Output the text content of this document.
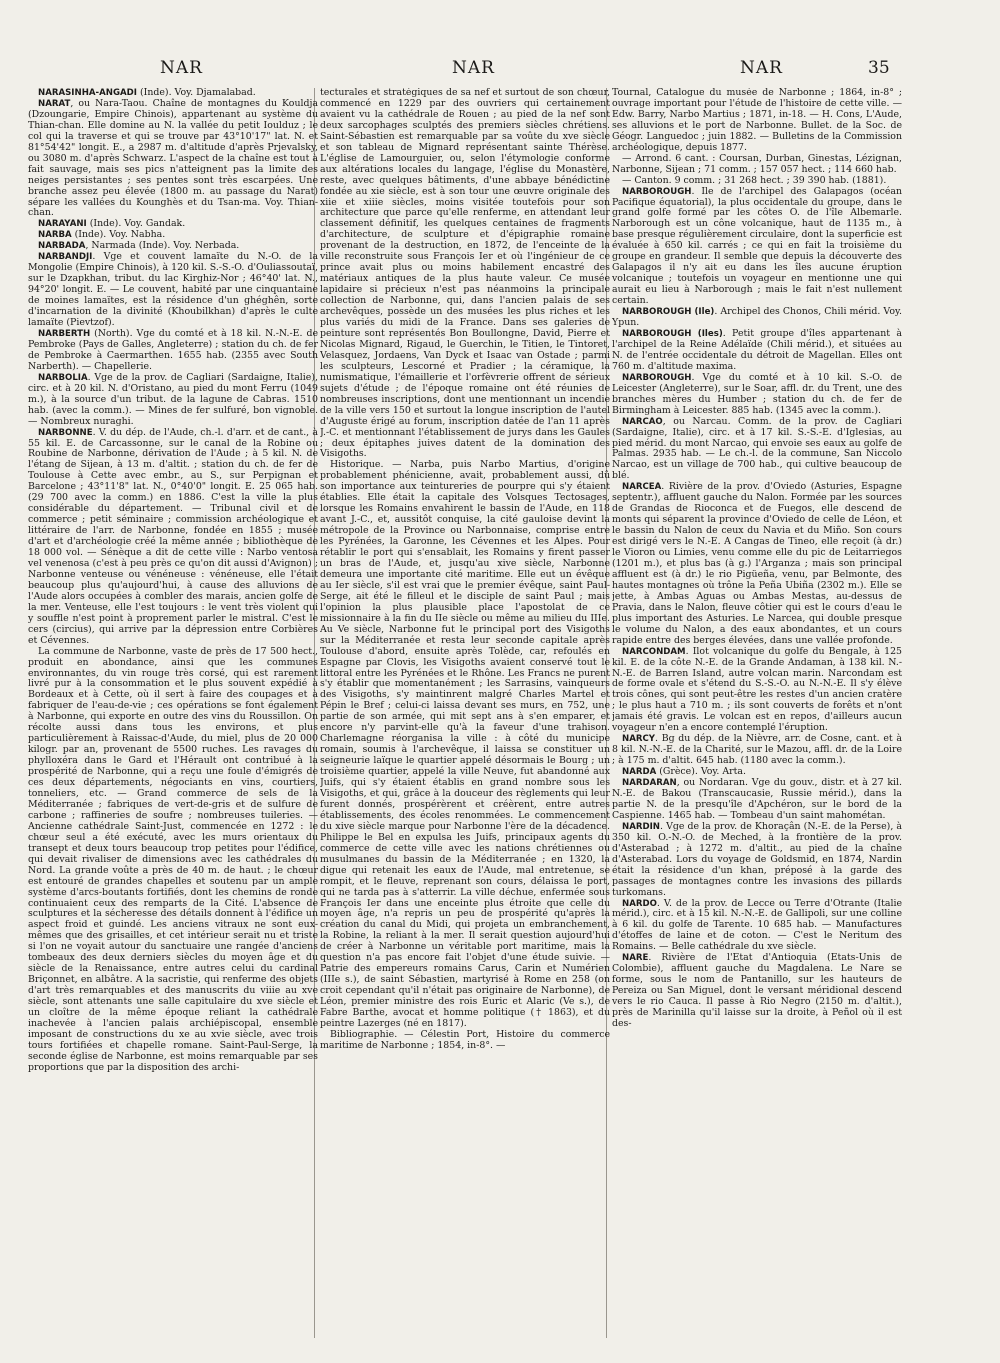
NAR	NAR	NAR	35

NARASINHA-ANGADI (Inde). Voy. Djamalabad.

NARAT, ou Nara-Taou. Chaîne de montagnes du Kouldja (Dzoungarie, Empire Chinois), appartenant au système du Thian-chan. Elle domine au N. la vallée du petit Ioulduz ; le col qui la traverse et qui se trouve par 43°10'17" lat. N. et 81°54'42" longit. E., a 2987 m. d'altitude d'après Prjevalsky, ou 3080 m. d'après Schwarz. L'aspect de la chaîne est tout à fait sauvage, mais ses pics n'atteignent pas la limite des neiges persistantes ; ses pentes sont très escarpées. Une branche assez peu élevée (1800 m. au passage du Narat) sépare les vallées du Kounghès et du Tsan-ma. Voy. Thian-chan.

NARAYANI (Inde). Voy. Gandak.

NARBA (Inde). Voy. Nabha.

NARBADA, Narmada (Inde). Voy. Nerbada.

NARBANDJI. Vge et couvent lamaïte du N.-O. de la Mongolie (Empire Chinois), à 120 kil. S.-S.-O. d'Ouliassoutaï, sur le Dzapkhan, tribut. du lac Kirghiz-Nor ; 46°40' lat. N., 94°20' longit. E. — Le couvent, habité par une cinquantaine de moines lamaïtes, est la résidence d'un ghéghên, sorte d'incarnation de la divinité (Khoubilkhan) d'après le culte lamaïte (Pievtzof).

NARBERTH (North). Vge du comté et à 18 kil. N.-N.-E. de Pembroke (Pays de Galles, Angleterre) ; station du ch. de fer de Pembroke à Caermarthen. 1655 hab. (2355 avec South Narberth). — Chapellerie.

NARBOLIA. Vge de la prov. de Cagliari (Sardaigne, Italie), circ. et à 20 kil. N. d'Oristano, au pied du mont Ferru (1049 m.), à la source d'un tribut. de la lagune de Cabras. 1510 hab. (avec la comm.). — Mines de fer sulfuré, bon vignoble. — Nombreux nuraghi.

NARBONNE. V. du dép. de l'Aude, ch.-l. d'arr. et de cant., à 55 kil. E. de Carcassonne, sur le canal de la Robine ou Roubine de Narbonne, dérivation de l'Aude ; à 5 kil. N. de l'étang de Sijean, à 13 m. d'altit. ; station du ch. de fer de Toulouse à Cette avec embr., au S., sur Perpignan et Barcelone ; 43°11'8" lat. N., 0°40'0" longit. E. 25 065 hab. (29 700 avec la comm.) en 1886. C'est la ville la plus considérable du département. — Tribunal civil et de commerce ; petit séminaire ; commission archéologique et littéraire de l'arr. de Narbonne, fondée en 1855 ; musée d'art et d'archéologie créé la même année ; bibliothèque de 18 000 vol. — Sénèque a dit de cette ville : Narbo ventosa vel venenosa (c'est à peu près ce qu'on dit aussi d'Avignon) ; Narbonne venteuse ou vénéneuse : vénéneuse, elle l'était beaucoup plus qu'aujourd'hui, à cause des alluvions de l'Aude alors occupées à combler des marais, ancien golfe de la mer. Venteuse, elle l'est toujours : le vent très violent qui y souffle n'est point à proprement parler le mistral. C'est le cers (circius), qui arrive par la dépression entre Corbières et Cévennes.

La commune de Narbonne, vaste de près de 17 500 hect., produit en abondance, ainsi que les communes environnantes, du vin rouge très corsé, qui est rarement livré pur à la consommation et le plus souvent expédié à Bordeaux et à Cette, où il sert à faire des coupages et à fabriquer de l'eau-de-vie ; ces opérations se font également à Narbonne, qui exporte en outre des vins du Roussillon. On récolte aussi dans tous les environs, et plus particulièrement à Raissac-d'Aude, du miel, plus de 20 000 kilogr. par an, provenant de 5500 ruches. Les ravages du phylloxéra dans le Gard et l'Hérault ont contribué à la prospérité de Narbonne, qui a reçu une foule d'émigrés de ces deux départements, négociants en vins, courtiers, tonneliers, etc. — Grand commerce de sels de la Méditerranée ; fabriques de vert-de-gris et de sulfure de carbone ; raffineries de soufre ; nombreuses tuileries. — Ancienne cathédrale Saint-Just, commencée en 1272 : le chœur seul a été exécuté, avec les murs orientaux du transept et deux tours beaucoup trop petites pour l'édifice, qui devait rivaliser de dimensions avec les cathédrales du Nord. La grande voûte a près de 40 m. de haut. ; le chœur est entouré de grandes chapelles et soutenu par un ample système d'arcs-boutants fortifiés, dont les chemins de ronde continuaient ceux des remparts de la Cité. L'absence de sculptures et la sécheresse des détails donnent à l'édifice un aspect froid et guindé. Les anciens vitraux ne sont eux-mêmes que des grisailles, et cet intérieur serait nu et triste si l'on ne voyait autour du sanctuaire une rangée d'anciens tombeaux des deux derniers siècles du moyen âge et du siècle de la Renaissance, entre autres celui du cardinal Briçonnet, en albâtre. A la sacristie, qui renferme des objets d'art très remarquables et des manuscrits du viiie au xve siècle, sont attenants une salle capitulaire du xve siècle et un cloître de la même époque reliant la cathédrale inachevée à l'ancien palais archiépiscopal, ensemble imposant de constructions du xe au xvie siècle, avec trois tours fortifiées et chapelle romane. Saint-Paul-Serge, la seconde église de Narbonne, est moins remarquable par ses proportions que par la disposition des archi-

tecturales et stratégiques de sa nef et surtout de son chœur, commencé en 1229 par des ouvriers qui certainement avaient vu la cathédrale de Rouen ; au pied de la nef sont deux sarcophages sculptés des premiers siècles chrétiens. Saint-Sébastien est remarquable par sa voûte du xve siècle et son tableau de Mignard représentant sainte Thérèse. L'église de Lamourguier, ou, selon l'étymologie conforme aux altérations locales du langage, l'église du Monastère, reste, avec quelques bâtiments, d'une abbaye bénédictine fondée au xie siècle, est à son tour une œuvre originale des xiie et xiiie siècles, moins visitée toutefois pour son architecture que parce qu'elle renferme, en attendant leur classement définitif, les quelques centaines de fragments d'architecture, de sculpture et d'épigraphie romaine provenant de la destruction, en 1872, de l'enceinte de la ville reconstruite sous François Ier et où l'ingénieur de ce prince avait plus ou moins habilement encastré des matériaux antiques de la plus haute valeur. Ce musée lapidaire si précieux n'est pas néanmoins la principale collection de Narbonne, qui, dans l'ancien palais de ses archevêques, possède un des musées les plus riches et les plus variés du midi de la France. Dans ses galeries de peinture sont représentés Bon Boullongne, David, Pierre et Nicolas Mignard, Rigaud, le Guerchin, le Titien, le Tintoret, Velasquez, Jordaens, Van Dyck et Isaac van Ostade ; parmi les sculpteurs, Lescorné et Pradier ; la céramique, la numismatique, l'émaillerie et l'orfèvrerie offrent de sérieux sujets d'étude ; de l'époque romaine ont été réunies de nombreuses inscriptions, dont une mentionnant un incendie de la ville vers 150 et surtout la longue inscription de l'autel d'Auguste érigé au forum, inscription datée de l'an 11 après J.-C. et mentionnant l'établissement de jurys dans les Gaules ; deux épitaphes juives datent de la domination des Visigoths.

Historique. — Narba, puis Narbo Martius, d'origine probablement phénicienne, avait, probablement aussi, dû son importance aux teintureries de pourpre qui s'y étaient établies. Elle était la capitale des Volsques Tectosages, lorsque les Romains envahirent le bassin de l'Aude, en 118 avant J.-C., et, aussitôt conquise, la cité gauloise devint la métropole de la Province ou Narbonnaise, comprise entre les Pyrénées, la Garonne, les Cévennes et les Alpes. Pour rétablir le port qui s'ensablait, les Romains y firent passer un bras de l'Aude, et, jusqu'au xive siècle, Narbonne demeura une importante cité maritime. Elle eut un évêque au Ier siècle, s'il est vrai que le premier évêque, saint Paul-Serge, ait été le filleul et le disciple de saint Paul ; mais l'opinion la plus plausible place l'apostolat de ce missionnaire à la fin du IIe siècle ou même au milieu du IIIe. Au Ve siècle, Narbonne fut le principal port des Visigoths sur la Méditerranée et resta leur seconde capitale après Toulouse d'abord, ensuite après Tolède, car, refoulés en Espagne par Clovis, les Visigoths avaient conservé tout le littoral entre les Pyrénées et le Rhône. Les Francs ne purent s'y établir que momentanément ; les Sarrasins, vainqueurs des Visigoths, s'y maintinrent malgré Charles Martel et Pépin le Bref ; celui-ci laissa devant ses murs, en 752, une partie de son armée, qui mit sept ans à s'en emparer, et encore n'y parvint-elle qu'à la faveur d'une trahison. Charlemagne réorganisa la ville : à côté du municipe romain, soumis à l'archevêque, il laissa se constituer un seigneurie laïque le quartier appelé désormais le Bourg ; un troisième quartier, appelé la ville Neuve, fut abandonné aux Juifs, qui s'y étaient établis en grand nombre sous les Visigoths, et qui, grâce à la douceur des règlements qui leur furent donnés, prospérèrent et créèrent, entre autres établissements, des écoles renommées. Le commencement du xive siècle marque pour Narbonne l'ère de la décadence. Philippe le Bel en expulsa les Juifs, principaux agents du commerce de cette ville avec les nations chrétiennes ou musulmanes du bassin de la Méditerranée ; en 1320, la digue qui retenait les eaux de l'Aude, mal entretenue, se rompit, et le fleuve, reprenant son cours, délaissa le port, qui ne tarda pas à s'atterrir. La ville déchue, enfermée sous François Ier dans une enceinte plus étroite que celle du moyen âge, n'a repris un peu de prospérité qu'après la création du canal du Midi, qui projeta un embranchement, la Robine, la reliant à la mer. Il serait question aujourd'hui de créer à Narbonne un véritable port maritime, mais la question n'a pas encore fait l'objet d'une étude suivie. — Patrie des empereurs romains Carus, Carin et Numérien (IIIe s.), de saint Sébastien, martyrisé à Rome en 258 (on croit cependant qu'il n'était pas originaire de Narbonne), de Léon, premier ministre des rois Euric et Alaric (Ve s.), de Fabre Barthe, avocat et homme politique († 1863), et du peintre Lazerges (né en 1817).

Bibliographie. — Célestin Port, Histoire du commerce maritime de Narbonne ; 1854, in-8°. —

Tournal, Catalogue du musée de Narbonne ; 1864, in-8° ; ouvrage important pour l'étude de l'histoire de cette ville. — Edw. Barry, Narbo Martius ; 1871, in-18. — H. Cons, L'Aude, ses alluvions et le port de Narbonne. Bullet. de la Soc. de Géogr. Languedoc ; juin 1882. — Bulletins de la Commission archéologique, depuis 1877.

— Arrond. 6 cant. : Coursan, Durban, Ginestas, Lézignan, Narbonne, Sijean ; 71 comm. ; 157 057 hect. ; 114 660 hab.

— Canton. 9 comm. ; 31 268 hect. ; 39 390 hab. (1881).

NARBOROUGH. Ile de l'archipel des Galapagos (océan Pacifique équatorial), la plus occidentale du groupe, dans le grand golfe formé par les côtes O. de l'île Albemarle. Narborough est un cône volcanique, haut de 1135 m., à base presque régulièrement circulaire, dont la superficie est évaluée à 650 kil. carrés ; ce qui en fait la troisième du groupe en grandeur. Il semble que depuis la découverte des Galapagos il n'y ait eu dans les îles aucune éruption volcanique ; toutefois un voyageur en mentionne une qui aurait eu lieu à Narborough ; mais le fait n'est nullement certain.

NARBOROUGH (Ile). Archipel des Chonos, Chili mérid. Voy. Ypun.

NARBOROUGH (Iles). Petit groupe d'îles appartenant à l'archipel de la Reine Adélaïde (Chili mérid.), et situées au N. de l'entrée occidentale du détroit de Magellan. Elles ont 760 m. d'altitude maxima.

NARBOROUGH. Vge du comté et à 10 kil. S.-O. de Leicester (Angleterre), sur le Soar, affl. dr. du Trent, une des branches mères du Humber ; station du ch. de fer de Birmingham à Leicester. 885 hab. (1345 avec la comm.).

NARCAO, ou Narcau. Comm. de la prov. de Cagliari (Sardaigne, Italie), circ. et à 17 kil. S.-S.-E. d'Iglesias, au pied mérid. du mont Narcao, qui envoie ses eaux au golfe de Palmas. 2935 hab. — Le ch.-l. de la commune, San Niccolo Narcao, est un village de 700 hab., qui cultive beaucoup de blé.

NARCEA. Rivière de la prov. d'Oviedo (Asturies, Espagne septentr.), affluent gauche du Nalon. Formée par les sources de Grandas de Rioconca et de Fuegos, elle descend de monts qui séparent la province d'Oviedo de celle de Léon, et le bassin du Nalon de ceux du Navia et du Miño. Son cours est dirigé vers le N.-E. A Cangas de Tineo, elle reçoit (à dr.) le Vioron ou Limies, venu comme elle du pic de Leitarriegos (1201 m.), et plus bas (à g.) l'Arganza ; mais son principal affluent est (à dr.) le rio Pigüeña, venu, par Belmonte, des hautes montagnes où trône la Peña Ubiña (2302 m.). Elle se jette, à Ambas Aguas ou Ambas Mestas, au-dessus de Pravia, dans le Nalon, fleuve côtier qui est le cours d'eau le plus important des Asturies. Le Narcea, qui double presque le volume du Nalon, a des eaux abondantes, et un cours rapide entre des berges élevées, dans une vallée profonde.

NARCONDAM. Ilot volcanique du golfe du Bengale, à 125 kil. E. de la côte N.-E. de la Grande Andaman, à 138 kil. N.-N.-E. de Barren Island, autre volcan marin. Narcondam est de forme ovale et s'étend du S.-S.-O. au N.-N.-E. Il s'y élève trois cônes, qui sont peut-être les restes d'un ancien cratère ; le plus haut a 710 m. ; ils sont couverts de forêts et n'ont jamais été gravis. Le volcan est en repos, d'ailleurs aucun voyageur n'en a encore contemplé l'éruption.

NARCY. Bg du dép. de la Nièvre, arr. de Cosne, cant. et à 8 kil. N.-N.-E. de la Charité, sur le Mazou, affl. dr. de la Loire ; à 175 m. d'altit. 645 hab. (1180 avec la comm.).

NARDA (Grèce). Voy. Arta.

NARDARAN, ou Nordaran. Vge du gouv., distr. et à 27 kil. N.-E. de Bakou (Transcaucasie, Russie mérid.), dans la partie N. de la presqu'île d'Apchéron, sur le bord de la Caspienne. 1465 hab. — Tombeau d'un saint mahométan.

NARDIN. Vge de la prov. de Khoraçân (N.-E. de la Perse), à 350 kil. O.-N.-O. de Meched, à la frontière de la prov. d'Asterabad ; à 1272 m. d'altit., au pied de la chaîne d'Asterabad. Lors du voyage de Goldsmid, en 1874, Nardin était la résidence d'un khan, préposé à la garde des passages de montagnes contre les invasions des pillards turkomans.

NARDO. V. de la prov. de Lecce ou Terre d'Otrante (Italie mérid.), circ. et à 15 kil. N.-N.-E. de Gallipoli, sur une colline à 6 kil. du golfe de Tarente. 10 685 hab. — Manufactures d'étoffes de laine et de coton. — C'est le Neritum des Romains. — Belle cathédrale du xve siècle.

NARE. Rivière de l'Etat d'Antioquia (Etats-Unis de Colombie), affluent gauche du Magdalena. Le Nare se forme, sous le nom de Pantanillo, sur les hauteurs de Pereiza ou San Miguel, dont le versant méridional descend vers le rio Cauca. Il passe à Rio Negro (2150 m. d'altit.), près de Marinilla qu'il laisse sur la droite, à Peñol où il est des-
